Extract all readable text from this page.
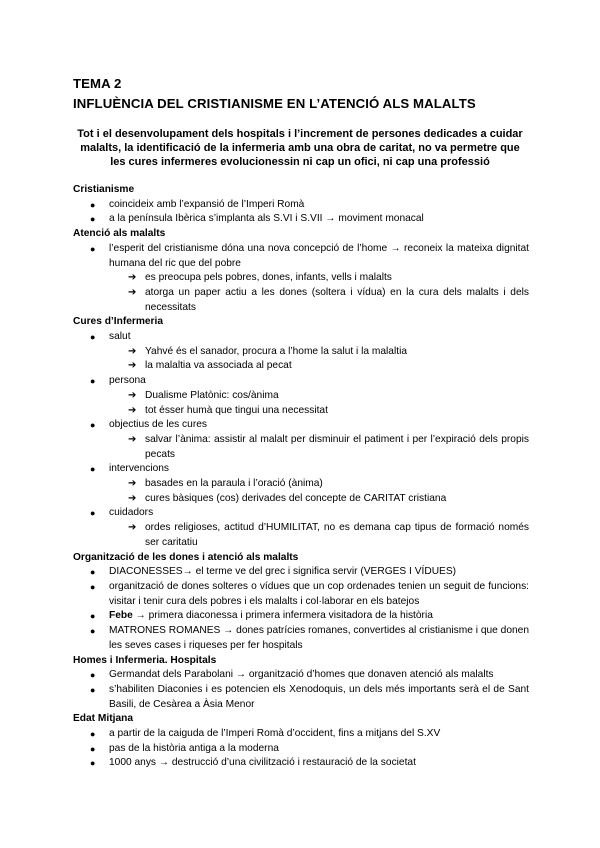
TEMA 2
INFLUÈNCIA DEL CRISTIANISME EN L’ATENCIÓ ALS MALALTS
Tot i el desenvolupament dels hospitals i l’increment de persones dedicades a cuidar malalts, la identificació de la infermeria amb una obra de caritat, no va permetre que les cures infermeres evolucionessin ni cap un ofici, ni cap una professió
Cristianisme
● coincideix amb l’expansió de l’Imperi Romà
● a la península Ibèrica s’implanta als S.VI i S.VII → moviment monacal
Atenció als malalts
● l’esperit del cristianisme dóna una nova concepció de l’home → reconeix la mateixa dignitat humana del ric que del pobre
➔ es preocupa pels pobres, dones, infants, vells i malalts
➔ atorga un paper actiu a les dones (soltera i vídua) en la cura dels malalts i dels necessitats
Cures d’Infermeria
● salut
➔ Yahvé és el sanador, procura a l’home la salut i la malaltia
➔ la malaltia va associada al pecat
● persona
➔ Dualisme Platònic: cos/ànima
➔ tot ésser humà que tingui una necessitat
● objectius de les cures
➔ salvar l’ànima: assistir al malalt per disminuir el patiment i per l’expiració dels propis pecats
● intervencions
➔ basades en la paraula i l’oració (ànima)
➔ cures bàsiques (cos) derivades del concepte de CARITAT cristiana
● cuidadors
➔ ordes religioses, actitud d’HUMILITAT, no es demana cap tipus de formació només ser caritatiu
Organització de les dones i atenció als malalts
● DIACONESSES→ el terme ve del grec i significa servir (VERGES I VÍDUES)
● organització de dones solteres o vídues que un cop ordenades tenien un seguit de funcions: visitar i tenir cura dels pobres i els malalts i col·laborar en els batejos
● Febe → primera diaconessa i primera infermera visitadora de la història
● MATRONES ROMANES → dones patrícies romanes, convertides al cristianisme i que donen les seves cases i riqueses per fer hospitals
Homes i Infermeria. Hospitals
● Germandat dels Parabolani → organització d’homes que donaven atenció als malalts
● s’habiliten Diaconies i es potencien els Xenodoquis, un dels més importants serà el de Sant Basili, de Cesàrea a Àsia Menor
Edat Mitjana
● a partir de la caiguda de l’Imperi Romà d’occident, fins a mitjans del S.XV
● pas de la història antiga a la moderna
● 1000 anys → destrucció d’una civilització i restauració de la societat
